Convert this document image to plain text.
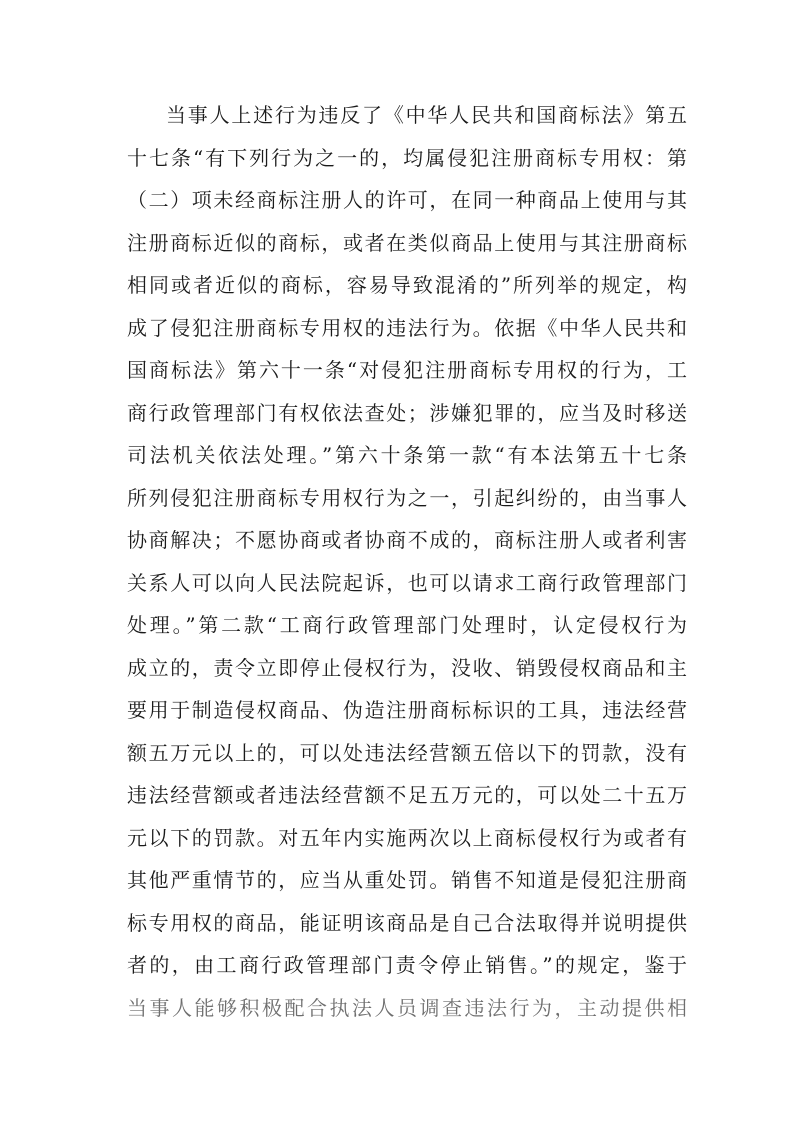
当事人上述行为违反了《中华人民共和国商标法》第五
十七条“有下列行为之一的，均属侵犯注册商标专用权：第
（二）项未经商标注册人的许可，在同一种商品上使用与其
注册商标近似的商标，或者在类似商品上使用与其注册商标
相同或者近似的商标，容易导致混淆的”所列举的规定，构
成了侵犯注册商标专用权的违法行为。依据《中华人民共和
国商标法》第六十一条“对侵犯注册商标专用权的行为，工
商行政管理部门有权依法查处；涉嫌犯罪的，应当及时移送
司法机关依法处理。”第六十条第一款“有本法第五十七条
所列侵犯注册商标专用权行为之一，引起纠纷的，由当事人
协商解决；不愿协商或者协商不成的，商标注册人或者利害
关系人可以向人民法院起诉，也可以请求工商行政管理部门
处理。”第二款“工商行政管理部门处理时，认定侵权行为
成立的，责令立即停止侵权行为，没收、销毁侵权商品和主
要用于制造侵权商品、伪造注册商标标识的工具，违法经营
额五万元以上的，可以处违法经营额五倍以下的罚款，没有
违法经营额或者违法经营额不足五万元的，可以处二十五万
元以下的罚款。对五年内实施两次以上商标侵权行为或者有
其他严重情节的，应当从重处罚。销售不知道是侵犯注册商
标专用权的商品，能证明该商品是自己合法取得并说明提供
者的，由工商行政管理部门责令停止销售。”的规定，鉴于
当事人能够积极配合执法人员调查违法行为，主动提供相
